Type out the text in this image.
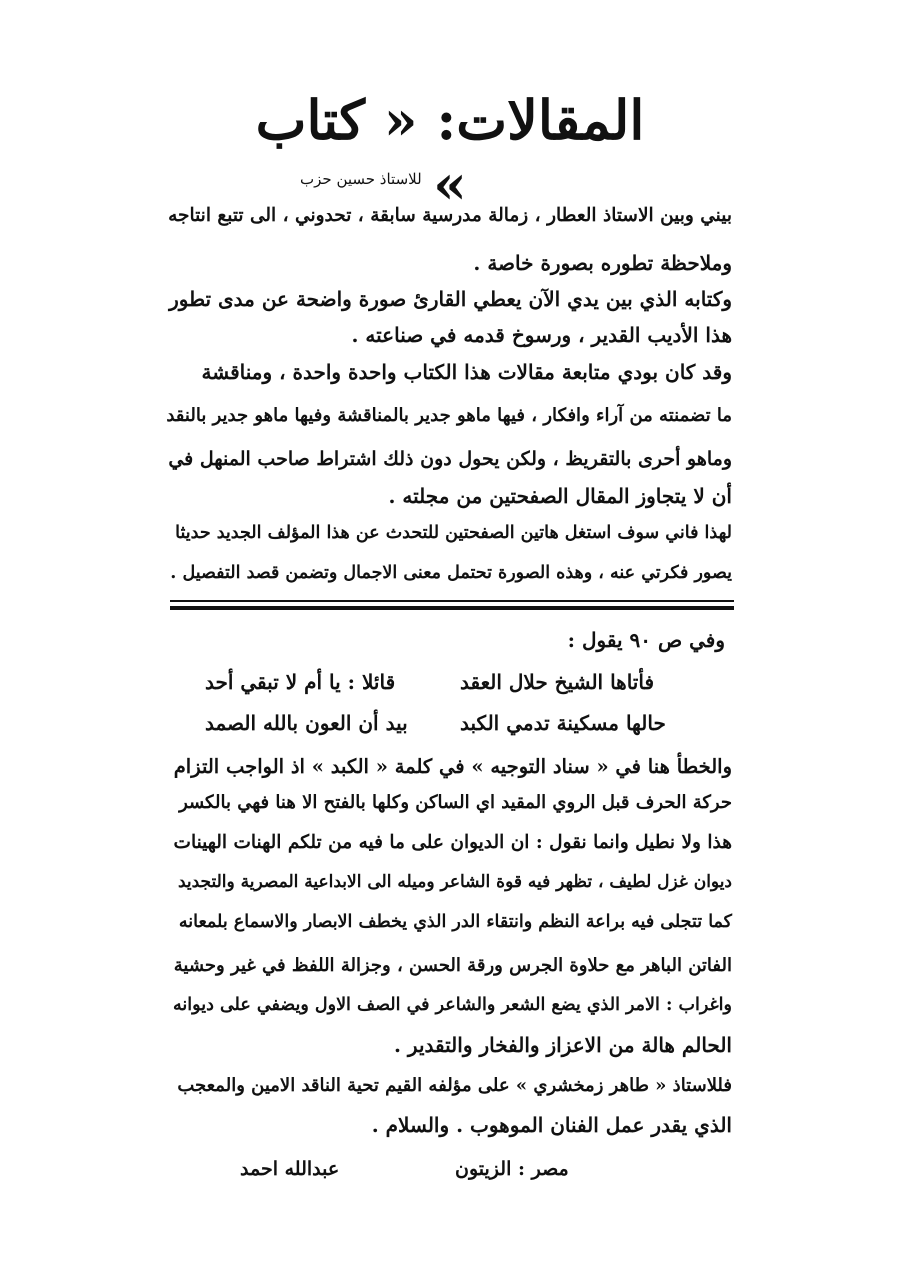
المقالات: « كتاب »
للاستاذ حسين حزب
بيني وبين الاستاذ العطار ، زمالة مدرسية سابقة ، تحدوني ، الى تتبع انتاجه
وملاحظة تطوره بصورة خاصة .
وكتابه الذي بين يدي الآن يعطي القارئ صورة واضحة عن مدى تطور
هذا الأديب القدير ، ورسوخ قدمه في صناعته .
وقد كان بودي متابعة مقالات هذا الكتاب واحدة واحدة ، ومناقشة
ما تضمنته من آراء وافكار ، فيها ماهو جدير بالمناقشة وفيها ماهو جدير بالنقد
وماهو أحرى بالتقريظ ، ولكن يحول دون ذلك اشتراط صاحب المنهل في
أن لا يتجاوز المقال الصفحتين من مجلته .
لهذا فاني سوف استغل هاتين الصفحتين للتحدث عن هذا المؤلف الجديد حديثا
يصور فكرتي عنه ، وهذه الصورة تحتمل معنى الاجمال وتضمن قصد التفصيل .
وفي ص ٩٠ يقول :
فأتاها الشيخ حلال العقد
قائلا : يا أم لا تبقي أحد
حالها مسكينة تدمي الكبد
بيد أن العون بالله الصمد
والخطأ هنا في « سناد التوجيه » في كلمة « الكبد » اذ الواجب التزام
حركة الحرف قبل الروي المقيد اي الساكن وكلها بالفتح الا هنا فهي بالكسر
هذا ولا نطيل وانما نقول : ان الديوان على ما فيه من تلكم الهنات الهينات
ديوان غزل لطيف ، تظهر فيه قوة الشاعر وميله الى الابداعية المصرية والتجديد
كما تتجلى فيه براعة النظم وانتقاء الدر الذي يخطف الابصار والاسماع بلمعانه
الفاتن الباهر مع حلاوة الجرس ورقة الحسن ، وجزالة اللفظ في غير وحشية
واغراب : الامر الذي يضع الشعر والشاعر في الصف الاول ويضفي على ديوانه
الحالم هالة من الاعزاز والفخار والتقدير .
فللاستاذ « طاهر زمخشري » على مؤلفه القيم تحية الناقد الامين والمعجب
الذي يقدر عمل الفنان الموهوب . والسلام .
مصر : الزيتون
عبدالله احمد
